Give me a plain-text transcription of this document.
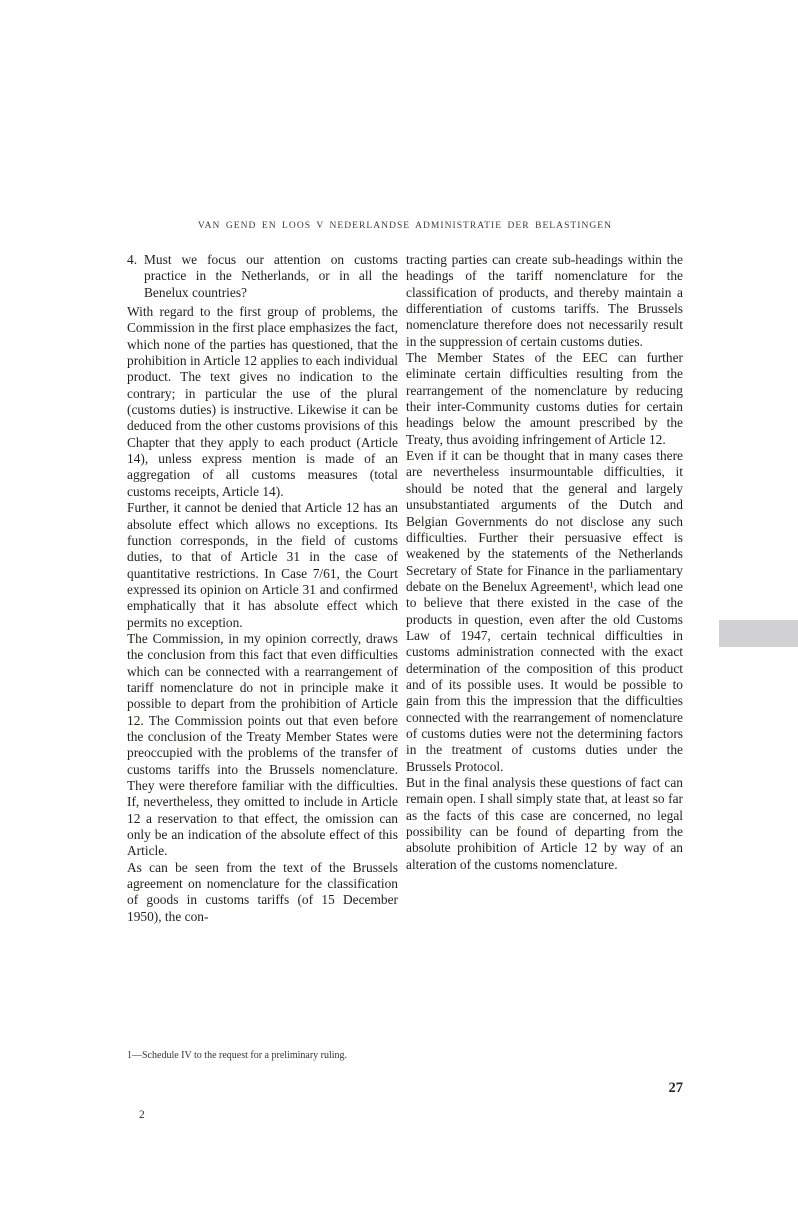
VAN GEND EN LOOS V NEDERLANDSE ADMINISTRATIE DER BELASTINGEN
4. Must we focus our attention on customs practice in the Netherlands, or in all the Benelux countries?

With regard to the first group of problems, the Commission in the first place emphasizes the fact, which none of the parties has questioned, that the prohibition in Article 12 applies to each individual product. The text gives no indication to the contrary; in particular the use of the plural (customs duties) is instructive. Likewise it can be deduced from the other customs provisions of this Chapter that they apply to each product (Article 14), unless express mention is made of an aggregation of all customs measures (total customs receipts, Article 14).

Further, it cannot be denied that Article 12 has an absolute effect which allows no exceptions. Its function corresponds, in the field of customs duties, to that of Article 31 in the case of quantitative restrictions. In Case 7/61, the Court expressed its opinion on Article 31 and confirmed emphatically that it has absolute effect which permits no exception.

The Commission, in my opinion correctly, draws the conclusion from this fact that even difficulties which can be connected with a rearrangement of tariff nomenclature do not in principle make it possible to depart from the prohibition of Article 12. The Commission points out that even before the conclusion of the Treaty Member States were preoccupied with the problems of the transfer of customs tariffs into the Brussels nomenclature. They were therefore familiar with the difficulties. If, nevertheless, they omitted to include in Article 12 a reservation to that effect, the omission can only be an indication of the absolute effect of this Article.

As can be seen from the text of the Brussels agreement on nomenclature for the classification of goods in customs tariffs (of 15 December 1950), the con-

tracting parties can create sub-headings within the headings of the tariff nomenclature for the classification of products, and thereby maintain a differentiation of customs tariffs. The Brussels nomenclature therefore does not necessarily result in the suppression of certain customs duties.

The Member States of the EEC can further eliminate certain difficulties resulting from the rearrangement of the nomenclature by reducing their inter-Community customs duties for certain headings below the amount prescribed by the Treaty, thus avoiding infringement of Article 12.

Even if it can be thought that in many cases there are nevertheless insurmountable difficulties, it should be noted that the general and largely unsubstantiated arguments of the Dutch and Belgian Governments do not disclose any such difficulties. Further their persuasive effect is weakened by the statements of the Netherlands Secretary of State for Finance in the parliamentary debate on the Benelux Agreement¹, which lead one to believe that there existed in the case of the products in question, even after the old Customs Law of 1947, certain technical difficulties in customs administration connected with the exact determination of the composition of this product and of its possible uses. It would be possible to gain from this the impression that the difficulties connected with the rearrangement of nomenclature of customs duties were not the determining factors in the treatment of customs duties under the Brussels Protocol.

But in the final analysis these questions of fact can remain open. I shall simply state that, at least so far as the facts of this case are concerned, no legal possibility can be found of departing from the absolute prohibition of Article 12 by way of an alteration of the customs nomenclature.

1—Schedule IV to the request for a preliminary ruling.
27
2
